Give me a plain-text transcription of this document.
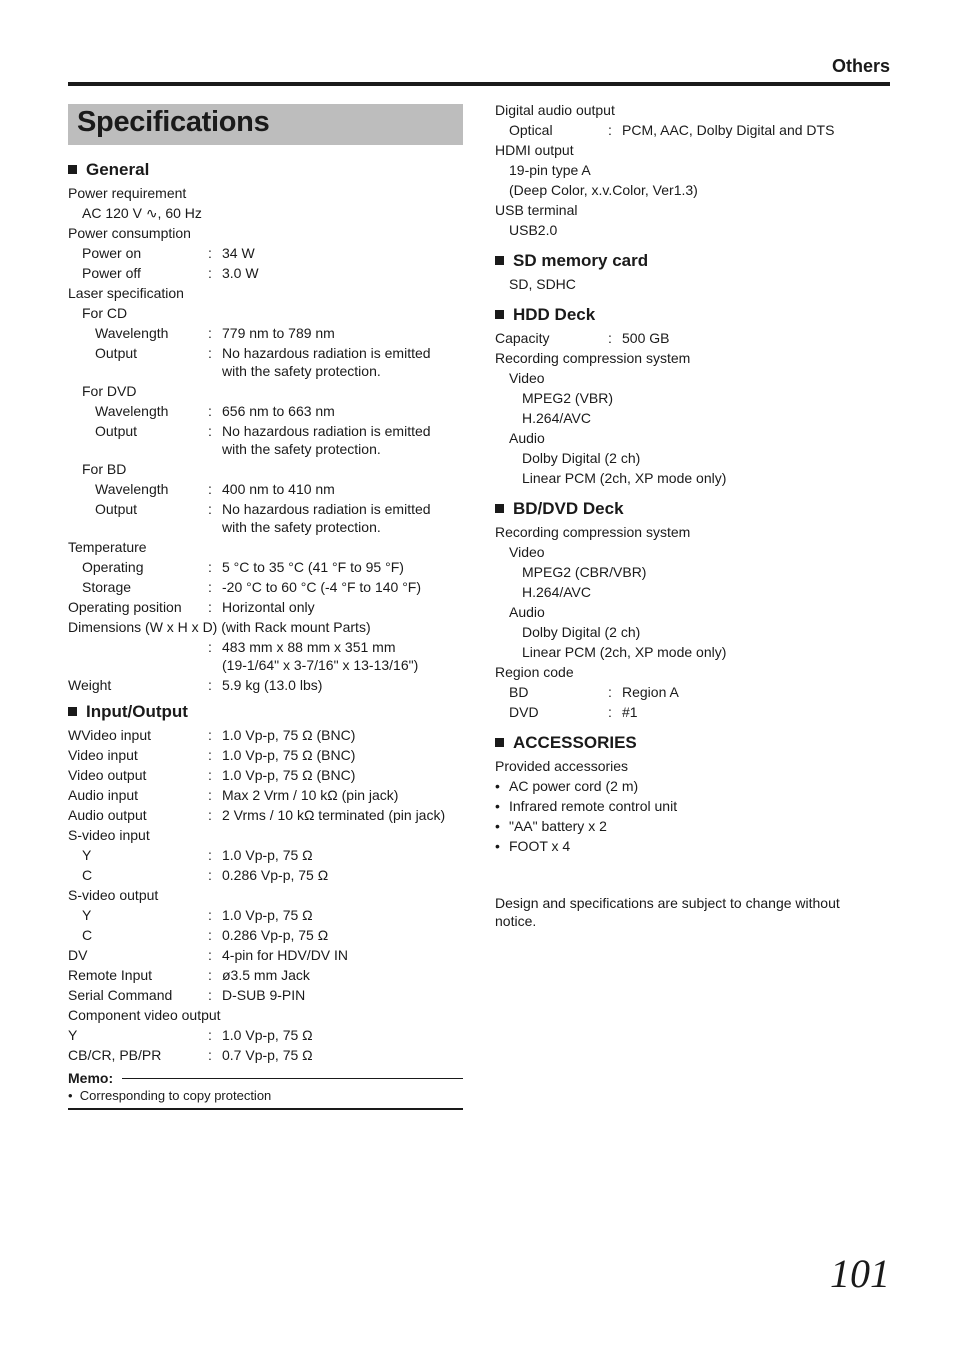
Others
Specifications
General
Power requirement
AC 120 V ∿, 60 Hz
Power consumption
Power on	: 34 W
Power off	: 3.0 W
Laser specification
For CD
Wavelength	: 779 nm to 789 nm
Output	: No hazardous radiation is emitted
with the safety protection.
For DVD
Wavelength	: 656 nm to 663 nm
Output	: No hazardous radiation is emitted
with the safety protection.
For BD
Wavelength	: 400 nm to 410 nm
Output	: No hazardous radiation is emitted
with the safety protection.
Temperature
Operating	: 5 °C to 35 °C (41 °F to 95 °F)
Storage	: -20 °C to 60 °C (-4 °F to 140 °F)
Operating position : Horizontal only
Dimensions (W x H x D) (with Rack mount Parts)
: 483 mm x 88 mm x 351 mm
(19-1/64" x 3-7/16" x 13-13/16")
Weight	: 5.9 kg (13.0 lbs)
Input/Output
WVideo input	: 1.0 Vp-p, 75 Ω (BNC)
Video input	: 1.0 Vp-p, 75 Ω (BNC)
Video output	: 1.0 Vp-p, 75 Ω (BNC)
Audio input	: Max 2 Vrm / 10 kΩ (pin jack)
Audio output	: 2 Vrms / 10 kΩ terminated (pin jack)
S-video input
Y	: 1.0 Vp-p, 75 Ω
C	: 0.286 Vp-p, 75 Ω
S-video output
Y	: 1.0 Vp-p, 75 Ω
C	: 0.286 Vp-p, 75 Ω
DV	: 4-pin for HDV/DV IN
Remote Input	: ø3.5 mm Jack
Serial Command	: D-SUB 9-PIN
Component video output
Y	: 1.0 Vp-p, 75 Ω
CB/CR, PB/PR	: 0.7 Vp-p, 75 Ω
Memo:
•  Corresponding to copy protection
Digital audio output
Optical	: PCM, AAC, Dolby Digital and DTS
HDMI output
19-pin type A
(Deep Color, x.v.Color, Ver1.3)
USB terminal
USB2.0
SD memory card
SD, SDHC
HDD Deck
Capacity	: 500 GB
Recording compression system
Video
MPEG2 (VBR)
H.264/AVC
Audio
Dolby Digital (2 ch)
Linear PCM (2ch, XP mode only)
BD/DVD Deck
Recording compression system
Video
MPEG2 (CBR/VBR)
H.264/AVC
Audio
Dolby Digital (2 ch)
Linear PCM (2ch, XP mode only)
Region code
BD	: Region A
DVD	: #1
ACCESSORIES
Provided accessories
• AC power cord (2 m)
• Infrared remote control unit
• "AA" battery x 2
• FOOT x 4
Design and specifications are subject to change without notice.
101
